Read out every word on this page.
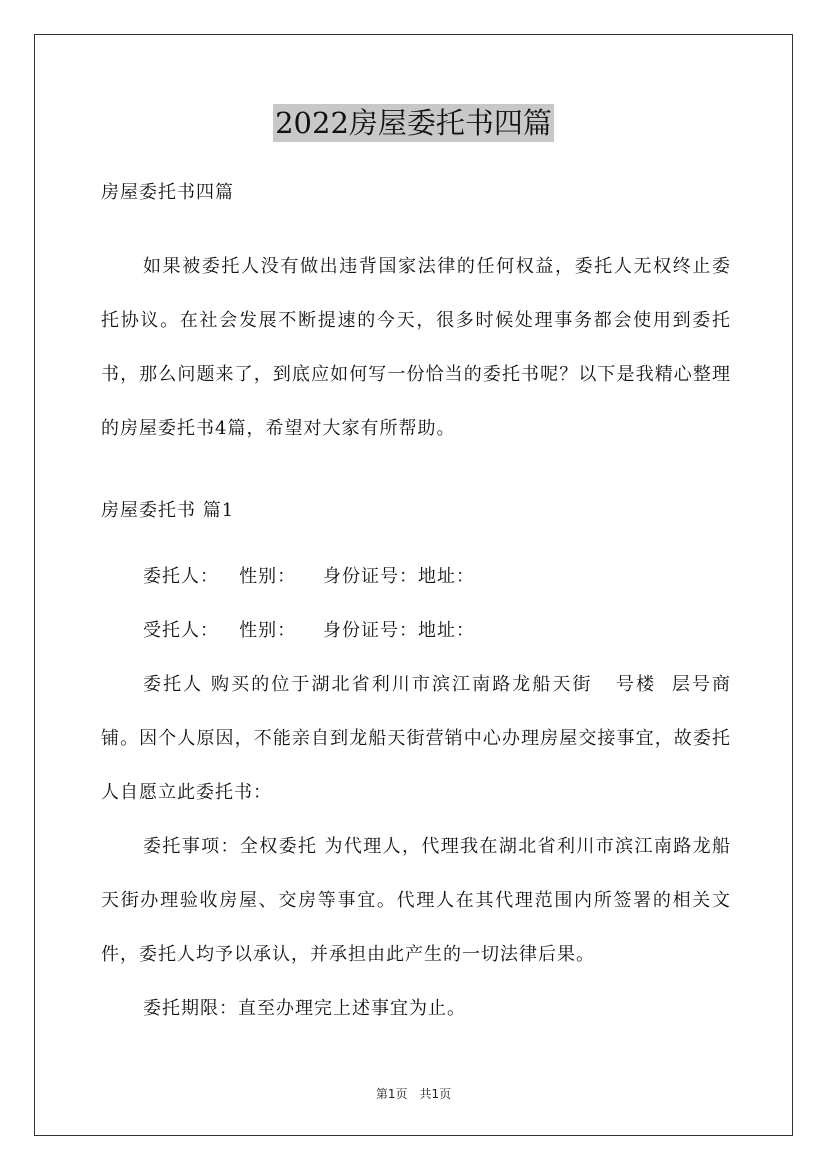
2022房屋委托书四篇

房屋委托书四篇

如果被委托人没有做出违背国家法律的任何权益，委托人无权终止委托协议。在社会发展不断提速的今天，很多时候处理事务都会使用到委托书，那么问题来了，到底应如何写一份恰当的委托书呢？以下是我精心整理的房屋委托书4篇，希望对大家有所帮助。

房屋委托书 篇1

委托人：   性别：    身份证号：地址：

受托人：   性别：    身份证号：地址：

委托人 购买的位于湖北省利川市滨江南路龙船天街   号楼  层号商铺。因个人原因，不能亲自到龙船天街营销中心办理房屋交接事宜，故委托人自愿立此委托书：

委托事项：全权委托 为代理人，代理我在湖北省利川市滨江南路龙船天街办理验收房屋、交房等事宜。代理人在其代理范围内所签署的相关文件，委托人均予以承认，并承担由此产生的一切法律后果。

委托期限：直至办理完上述事宜为止。

第1页　共1页
